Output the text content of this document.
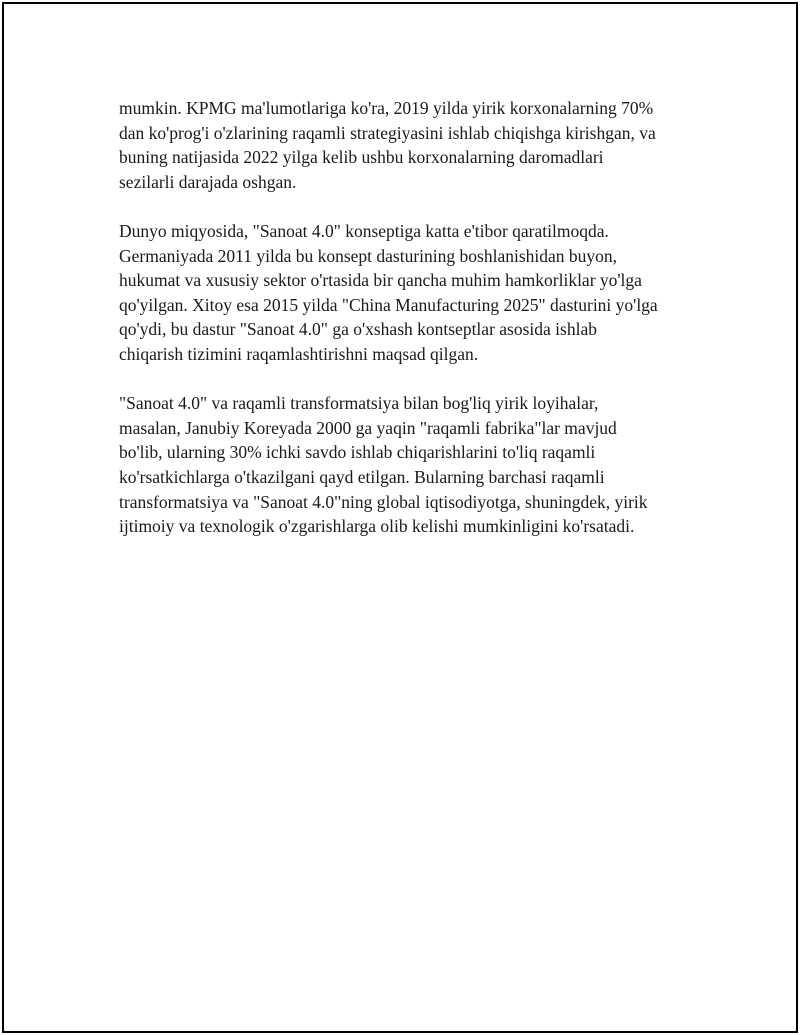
mumkin. KPMG ma'lumotlariga ko'ra, 2019 yilda yirik korxonalarning 70%
dan ko'prog'i o'zlarining raqamli strategiyasini ishlab chiqishga kirishgan, va
buning natijasida 2022 yilga kelib ushbu korxonalarning daromadlari
sezilarli darajada oshgan.

Dunyo miqyosida, "Sanoat 4.0" konseptiga katta e'tibor qaratilmoqda.
Germaniyada 2011 yilda bu konsept dasturining boshlanishidan buyon,
hukumat va xususiy sektor o'rtasida bir qancha muhim hamkorliklar yo'lga
qo'yilgan. Xitoy esa 2015 yilda "China Manufacturing 2025" dasturini yo'lga
qo'ydi, bu dastur "Sanoat 4.0" ga o'xshash kontseptlar asosida ishlab
chiqarish tizimini raqamlashtirishni maqsad qilgan.

"Sanoat 4.0" va raqamli transformatsiya bilan bog'liq yirik loyihalar,
masalan, Janubiy Koreyada 2000 ga yaqin "raqamli fabrika"lar mavjud
bo'lib, ularning 30% ichki savdo ishlab chiqarishlarini to'liq raqamli
ko'rsatkichlarga o'tkazilgani qayd etilgan. Bularning barchasi raqamli
transformatsiya va "Sanoat 4.0"ning global iqtisodiyotga, shuningdek, yirik
ijtimoiy va texnologik o'zgarishlarga olib kelishi mumkinligini ko'rsatadi.
